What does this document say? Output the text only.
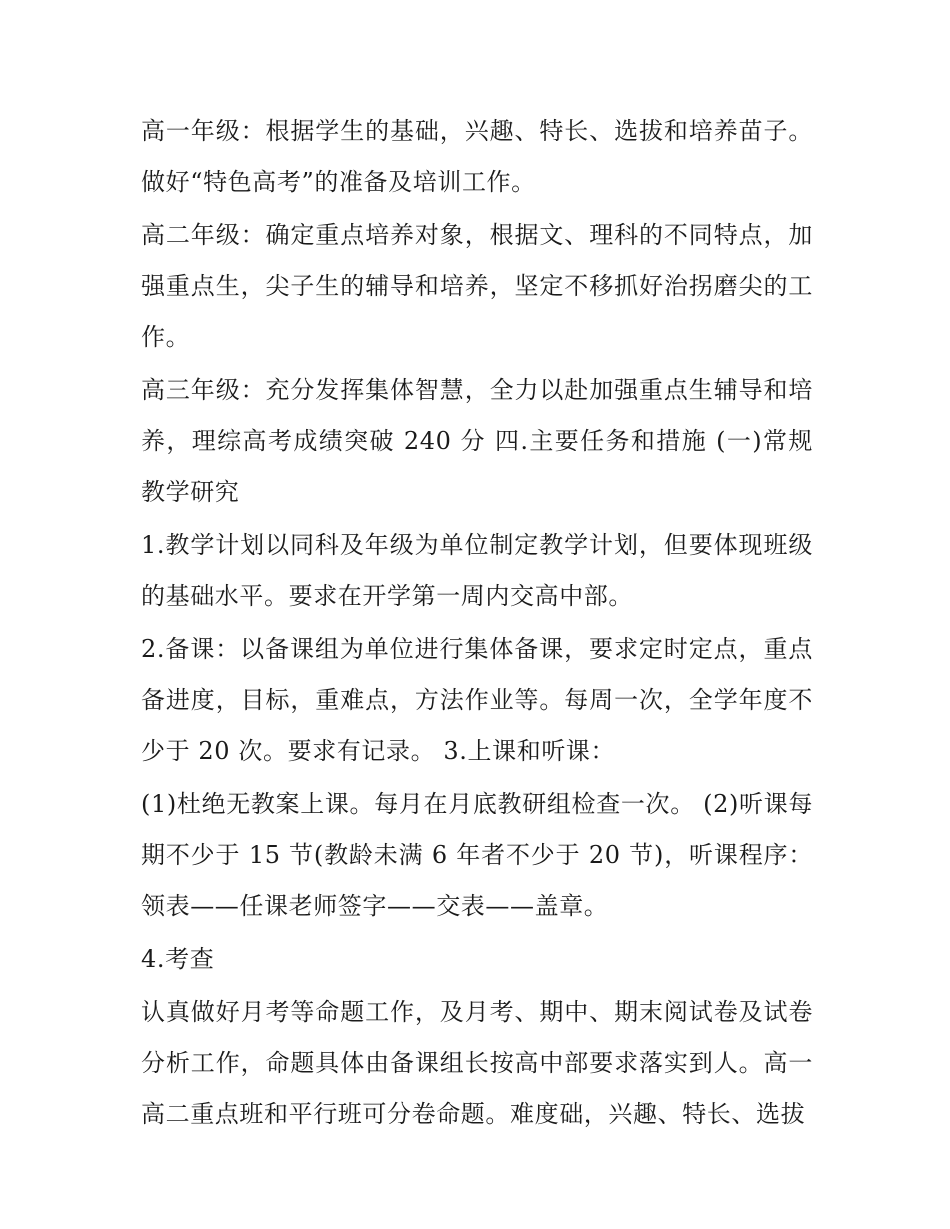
高一年级：根据学生的基础，兴趣、特长、选拔和培养苗子。做好“特色高考”的准备及培训工作。

高二年级：确定重点培养对象，根据文、理科的不同特点，加强重点生，尖子生的辅导和培养，坚定不移抓好治拐磨尖的工作。

高三年级：充分发挥集体智慧，全力以赴加强重点生辅导和培养，理综高考成绩突破 240 分 四.主要任务和措施 (一)常规教学研究

1.教学计划以同科及年级为单位制定教学计划，但要体现班级的基础水平。要求在开学第一周内交高中部。

2.备课：以备课组为单位进行集体备课，要求定时定点，重点备进度，目标，重难点，方法作业等。每周一次，全学年度不少于 20 次。要求有记录。 3.上课和听课：

(1)杜绝无教案上课。每月在月底教研组检查一次。 (2)听课每期不少于 15 节(教龄未满 6 年者不少于 20 节)，听课程序：领表——任课老师签字——交表——盖章。

4.考查

认真做好月考等命题工作，及月考、期中、期末阅试卷及试卷分析工作，命题具体由备课组长按高中部要求落实到人。高一高二重点班和平行班可分卷命题。难度础，兴趣、特长、选拔
